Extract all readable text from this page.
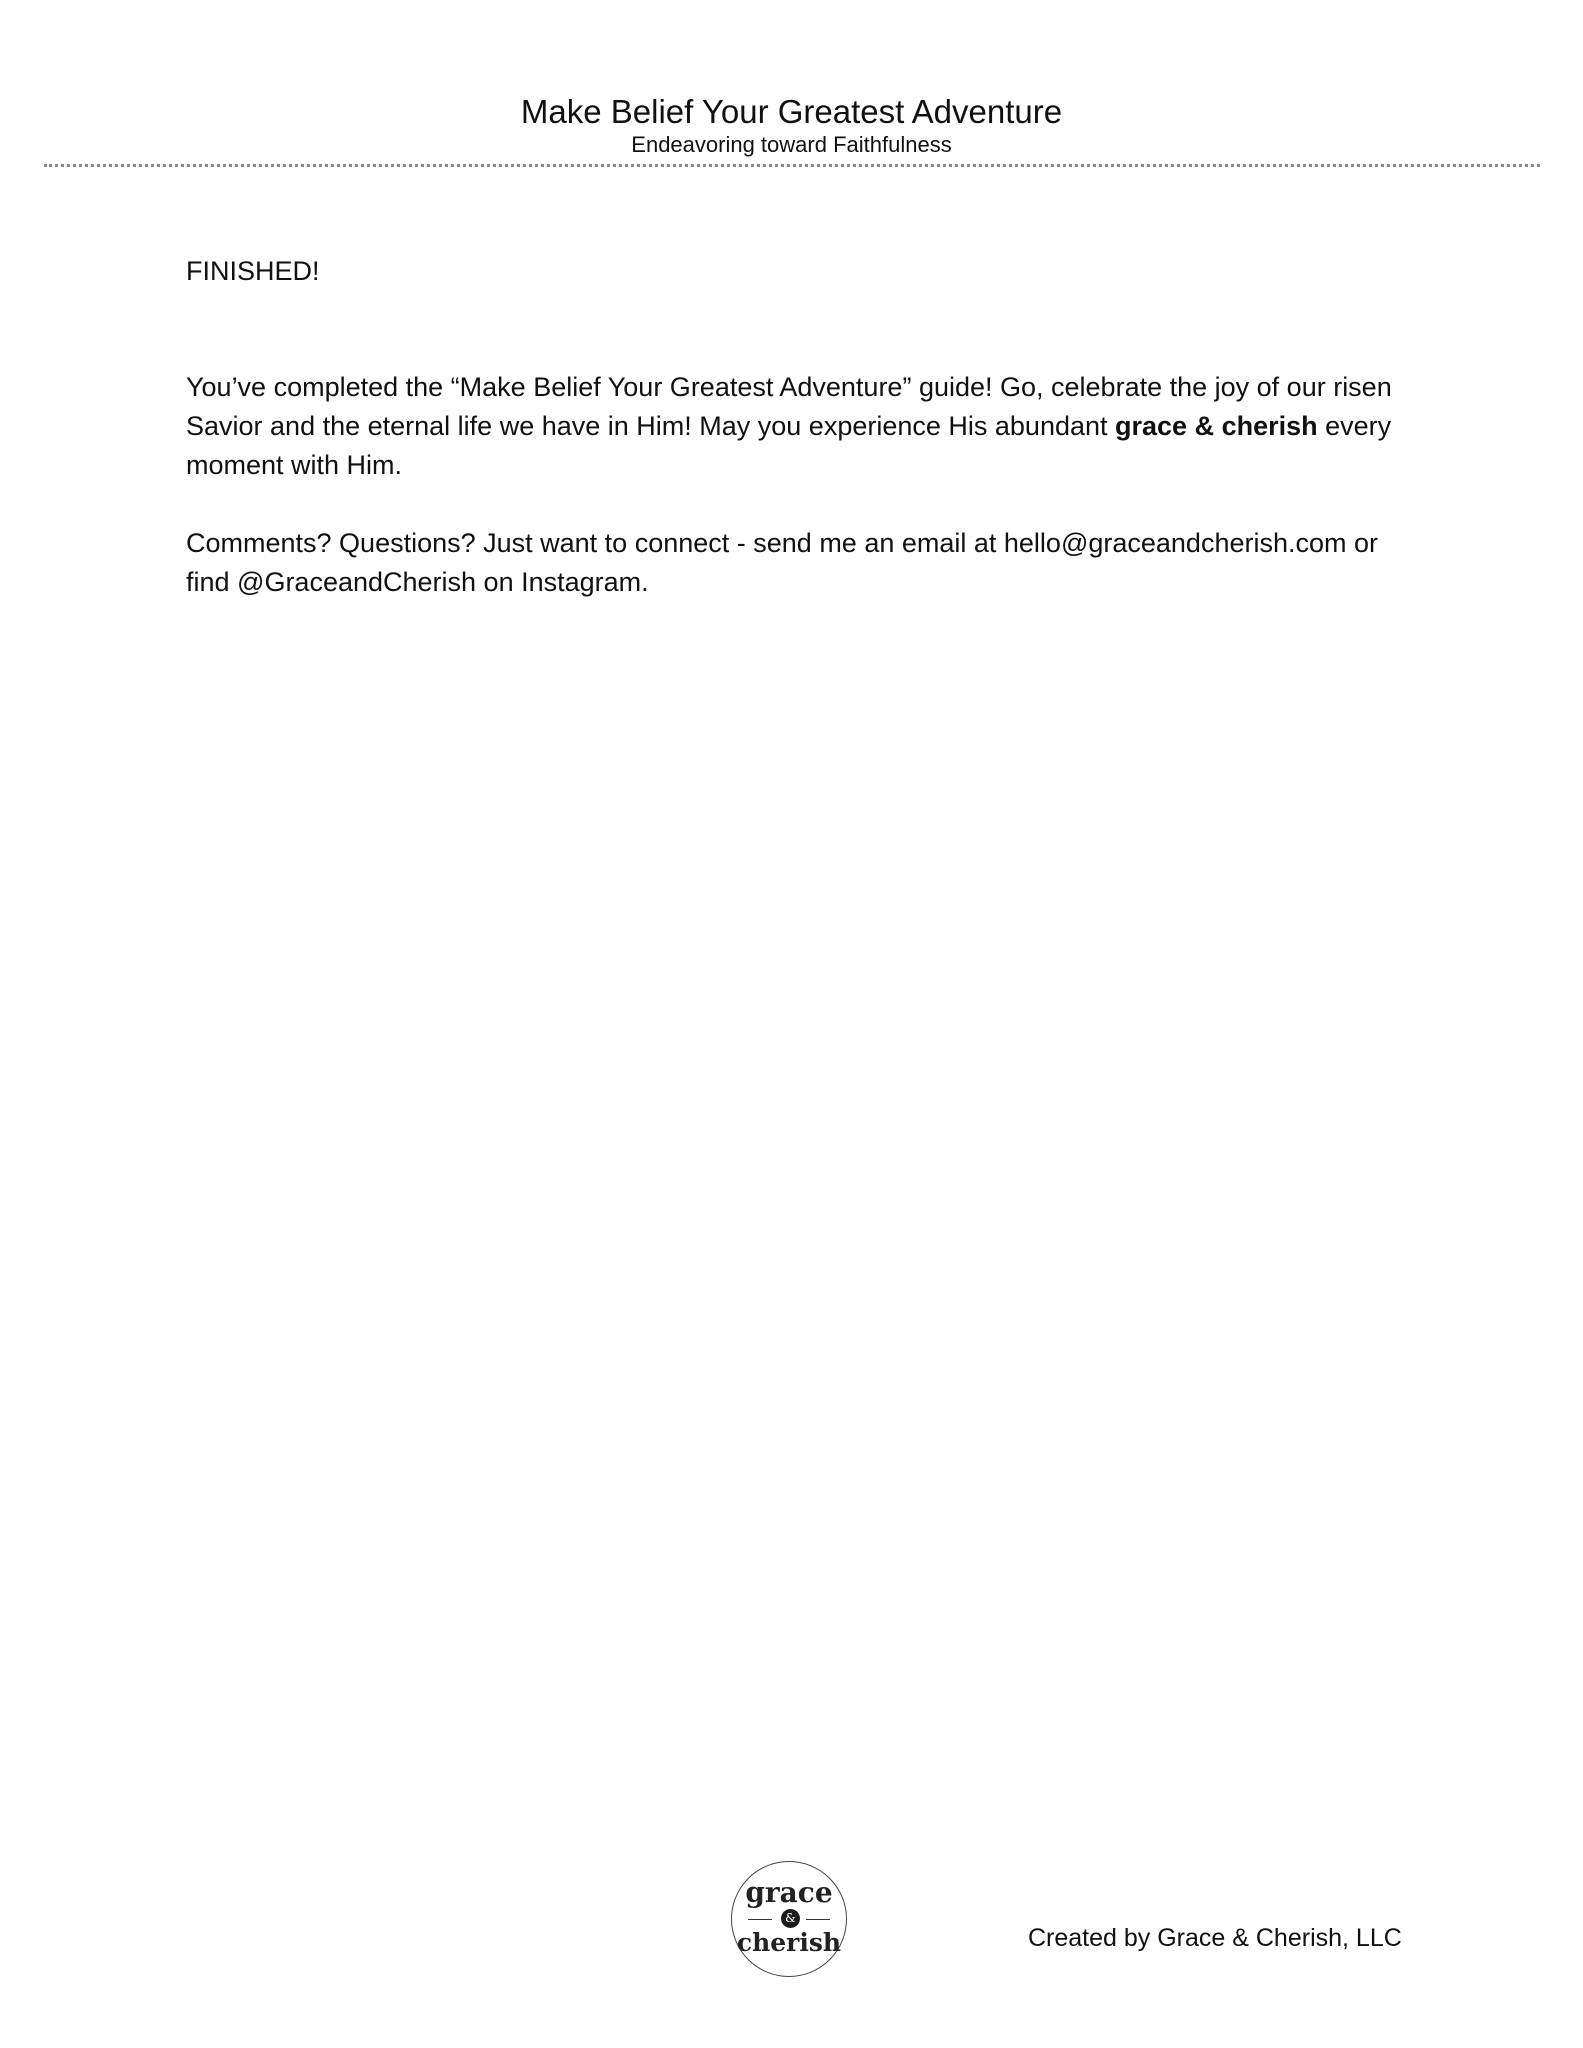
Make Belief Your Greatest Adventure

Endeavoring toward Faithfulness

FINISHED!

You’ve completed the “Make Belief Your Greatest Adventure” guide! Go, celebrate the joy of our risen Savior and the eternal life we have in Him! May you experience His abundant grace & cherish every moment with Him.

Comments? Questions? Just want to connect - send me an email at hello@graceandcherish.com or find @GraceandCherish on Instagram.

grace
&
cherish	Created by Grace & Cherish, LLC
